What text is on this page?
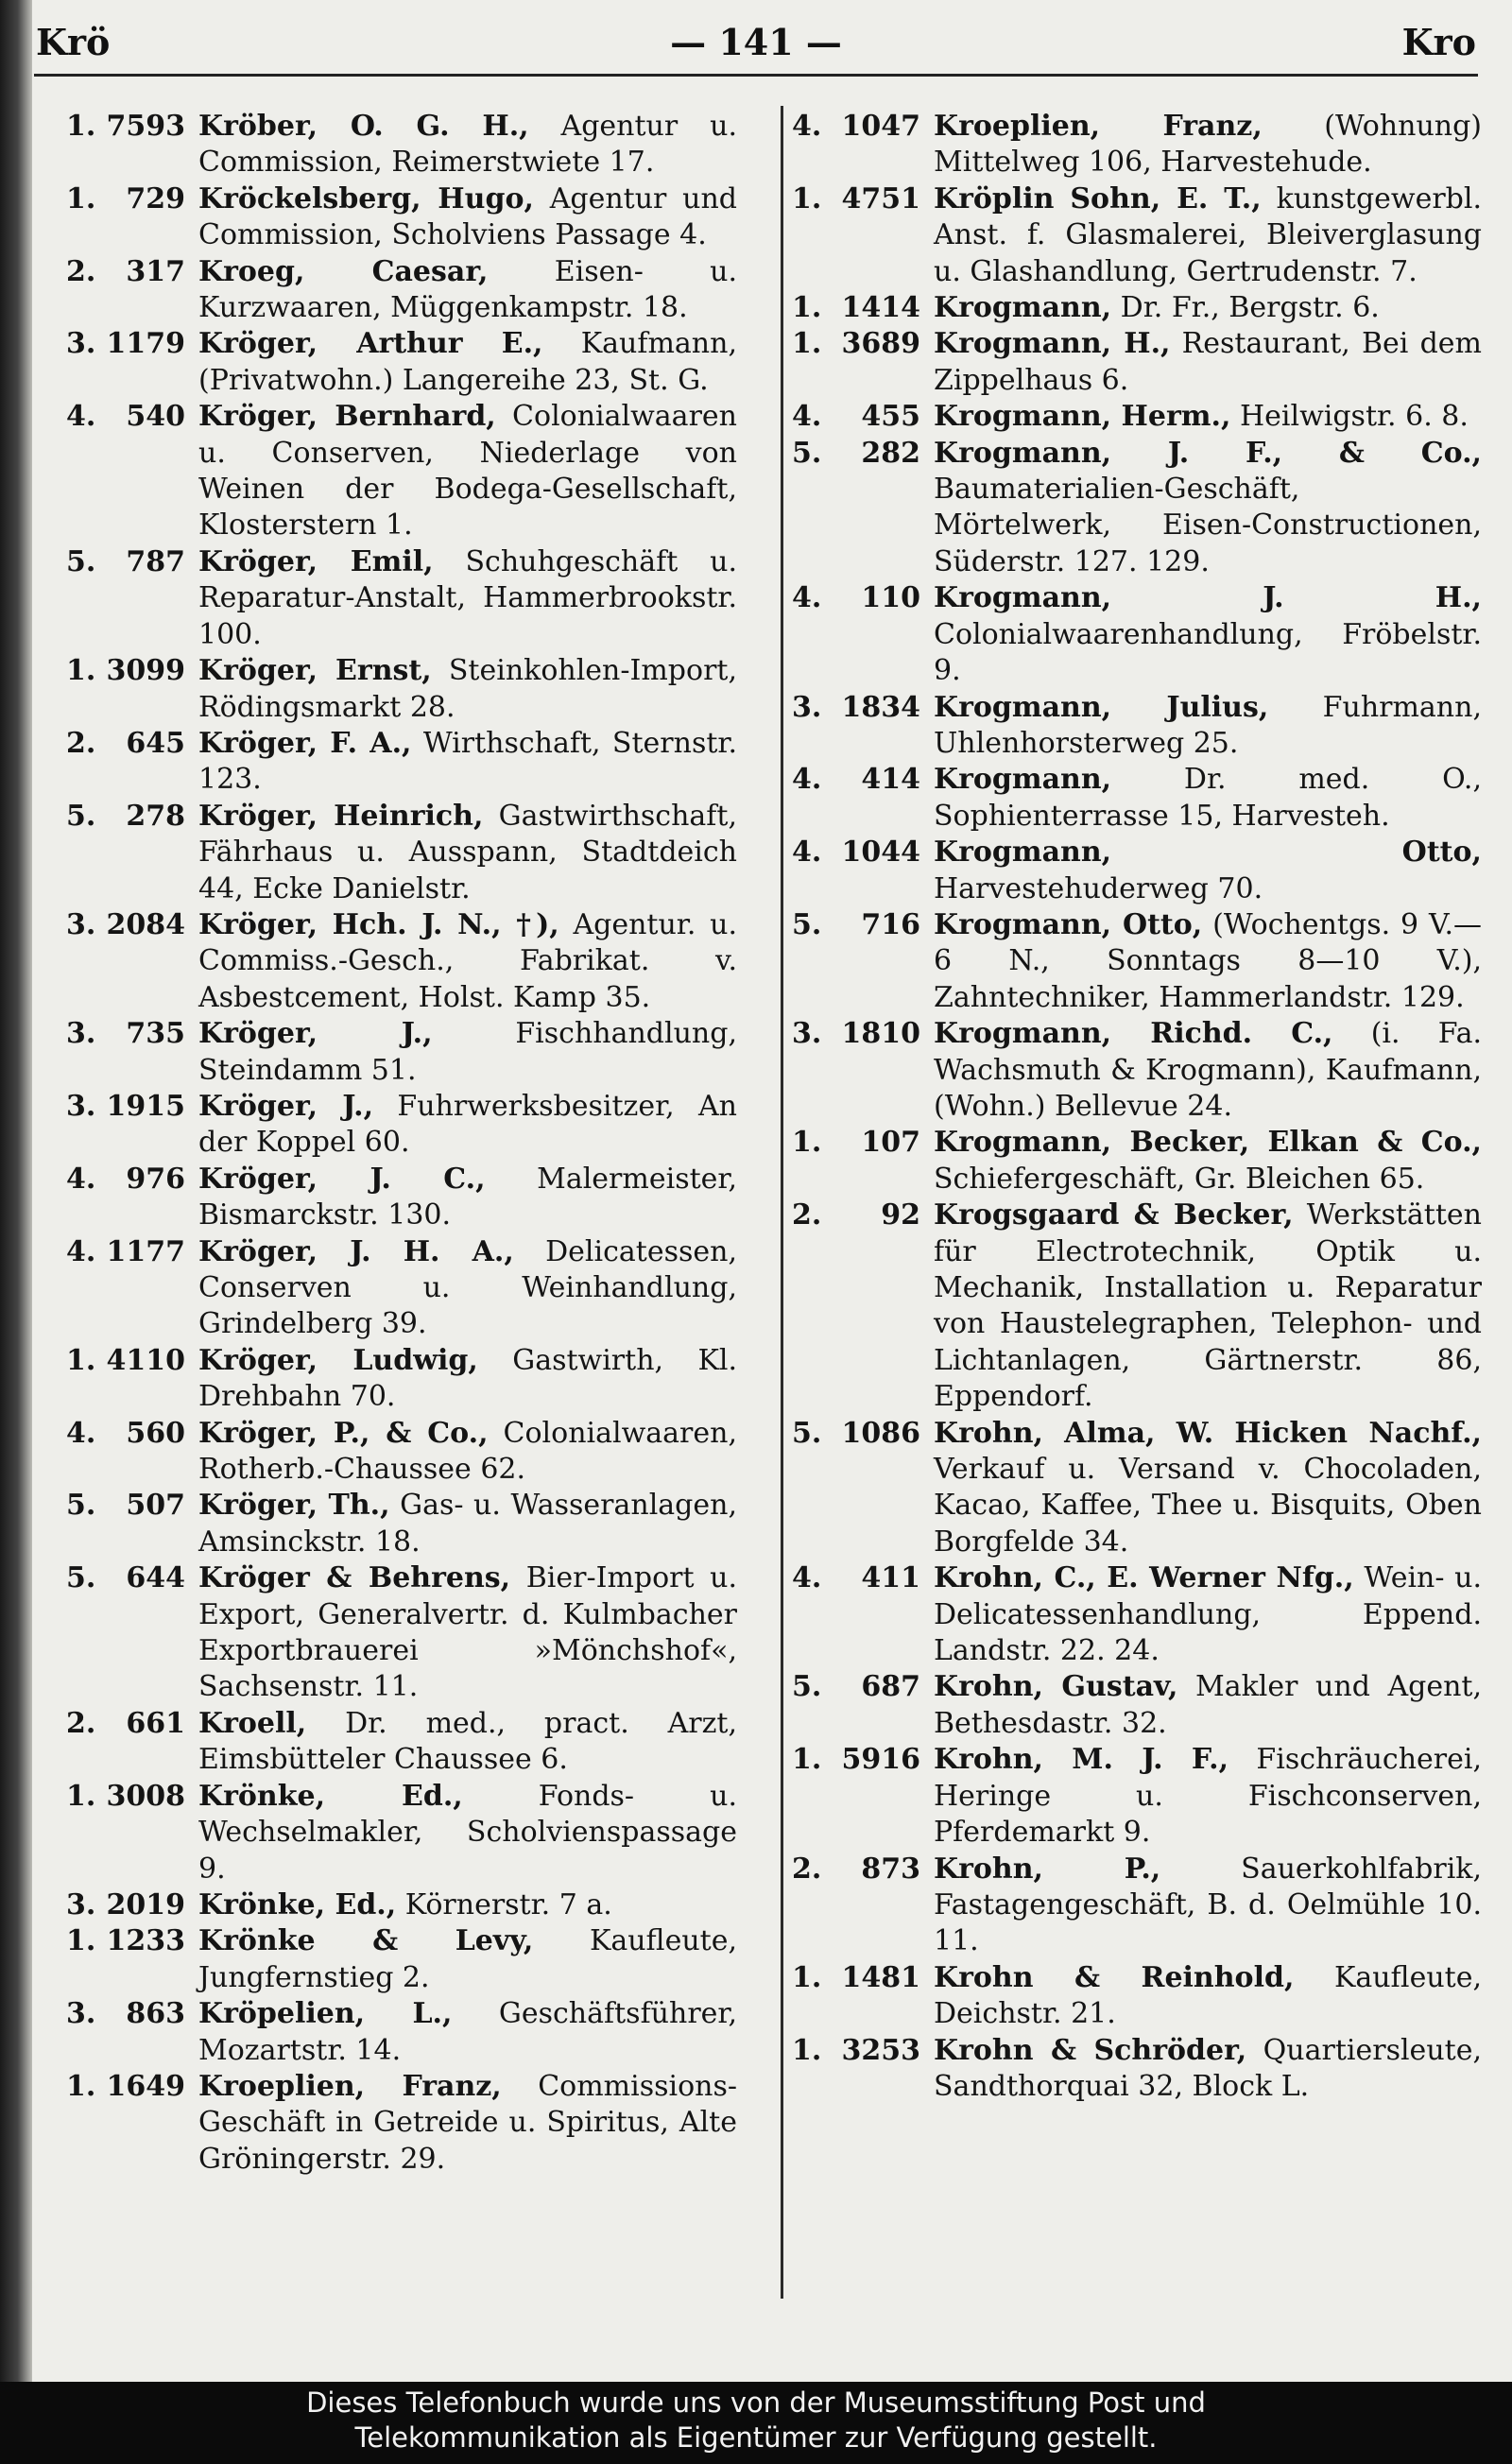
Krö	— 141 —	Kro
1. 7593 Kröber, O. G. H., Agentur u. Commission, Reimerstwiete 17.
1.	729 Kröckelsberg, Hugo, Agentur und Commission, Scholviens Passage 4.
2.	317 Kroeg, Caesar, Eisen- u. Kurzwaaren, Müggenkampstr. 18.
3. 1179 Kröger, Arthur E., Kaufmann, (Privatwohn.) Langereihe 23, St. G.
4.	540 Kröger, Bernhard, Colonialwaaren u. Conserven, Niederlage von Weinen der Bodega-Gesellschaft, Klosterstern 1.
5.	787 Kröger, Emil, Schuhgeschäft u. Reparatur-Anstalt, Hammerbrookstr. 100.
1. 3099 Kröger, Ernst, Steinkohlen-Import, Rödingsmarkt 28.
2.	645 Kröger, F. A., Wirthschaft, Sternstr. 123.
5.	278 Kröger, Heinrich, Gastwirthschaft, Fährhaus u. Ausspann, Stadtdeich 44, Ecke Danielstr.
3. 2084 Kröger, Hch. J. N., †), Agentur. u. Commiss.-Gesch., Fabrikat. v. Asbestcement, Holst. Kamp 35.
3.	735 Kröger, J., Fischhandlung, Steindamm 51.
3. 1915 Kröger, J., Fuhrwerksbesitzer, An der Koppel 60.
4.	976 Kröger, J. C., Malermeister, Bismarckstr. 130.
4. 1177 Kröger, J. H. A., Delicatessen, Conserven u. Weinhandlung, Grindelberg 39.
1. 4110 Kröger, Ludwig, Gastwirth, Kl. Drehbahn 70.
4.	560 Kröger, P., & Co., Colonialwaaren, Rotherb.-Chaussee 62.
5.	507 Kröger, Th., Gas- u. Wasseranlagen, Amsinckstr. 18.
5.	644 Kröger & Behrens, Bier-Import u. Export, Generalvertr. d. Kulmbacher Exportbrauerei »Mönchshof«, Sachsenstr. 11.
2.	661 Kroell, Dr. med., pract. Arzt, Eimsbütteler Chaussee 6.
1. 3008 Krönke, Ed., Fonds- u. Wechselmakler, Scholvienspassage 9.
3. 2019 Krönke, Ed., Körnerstr. 7 a.
1. 1233 Krönke & Levy, Kaufleute, Jungfernstieg 2.
3.	863 Kröpelien, L., Geschäftsführer, Mozartstr. 14.
1. 1649 Kroeplien, Franz, Commissions-Geschäft in Getreide u. Spiritus, Alte Gröningerstr. 29.
4. 1047 Kroeplien, Franz, (Wohnung) Mittelweg 106, Harvestehude.
1. 4751 Kröplin Sohn, E. T., kunstgewerbl. Anst. f. Glasmalerei, Bleiverglasung u. Glashandlung, Gertrudenstr. 7.
1. 1414 Krogmann, Dr. Fr., Bergstr. 6.
1. 3689 Krogmann, H., Restaurant, Bei dem Zippelhaus 6.
4.	455 Krogmann, Herm., Heilwigstr. 6. 8.
5.	282 Krogmann, J. F., & Co., Baumaterialien-Geschäft, Mörtelwerk, Eisen-Constructionen, Süderstr. 127. 129.
4.	110 Krogmann, J. H., Colonialwaarenhandlung, Fröbelstr. 9.
3. 1834 Krogmann, Julius, Fuhrmann, Uhlenhorsterweg 25.
4.	414 Krogmann, Dr. med. O., Sophienterrasse 15, Harvesteh.
4. 1044 Krogmann, Otto, Harvestehuderweg 70.
5.	716 Krogmann, Otto, (Wochentgs. 9 V.—6 N., Sonntags 8—10 V.), Zahntechniker, Hammerlandstr. 129.
3. 1810 Krogmann, Richd. C., (i. Fa. Wachsmuth & Krogmann), Kaufmann, (Wohn.) Bellevue 24.
1.	107 Krogmann, Becker, Elkan & Co., Schiefergeschäft, Gr. Bleichen 65.
2.	92 Krogsgaard & Becker, Werkstätten für Electrotechnik, Optik u. Mechanik, Installation u. Reparatur von Haustelegraphen, Telephon- und Lichtanlagen, Gärtnerstr. 86, Eppendorf.
5. 1086 Krohn, Alma, W. Hicken Nachf., Verkauf u. Versand v. Chocoladen, Kacao, Kaffee, Thee u. Bisquits, Oben Borgfelde 34.
4.	411 Krohn, C., E. Werner Nfg., Wein- u. Delicatessenhandlung, Eppend. Landstr. 22. 24.
5.	687 Krohn, Gustav, Makler und Agent, Bethesdastr. 32.
1. 5916 Krohn, M. J. F., Fischräucherei, Heringe u. Fischconserven, Pferdemarkt 9.
2.	873 Krohn, P., Sauerkohlfabrik, Fastagengeschäft, B. d. Oelmühle 10. 11.
1. 1481 Krohn & Reinhold, Kaufleute, Deichstr. 21.
1. 3253 Krohn & Schröder, Quartiersleute, Sandthorquai 32, Block L.
Dieses Telefonbuch wurde uns von der Museumsstiftung Post und
Telekommunikation als Eigentümer zur Verfügung gestellt.
